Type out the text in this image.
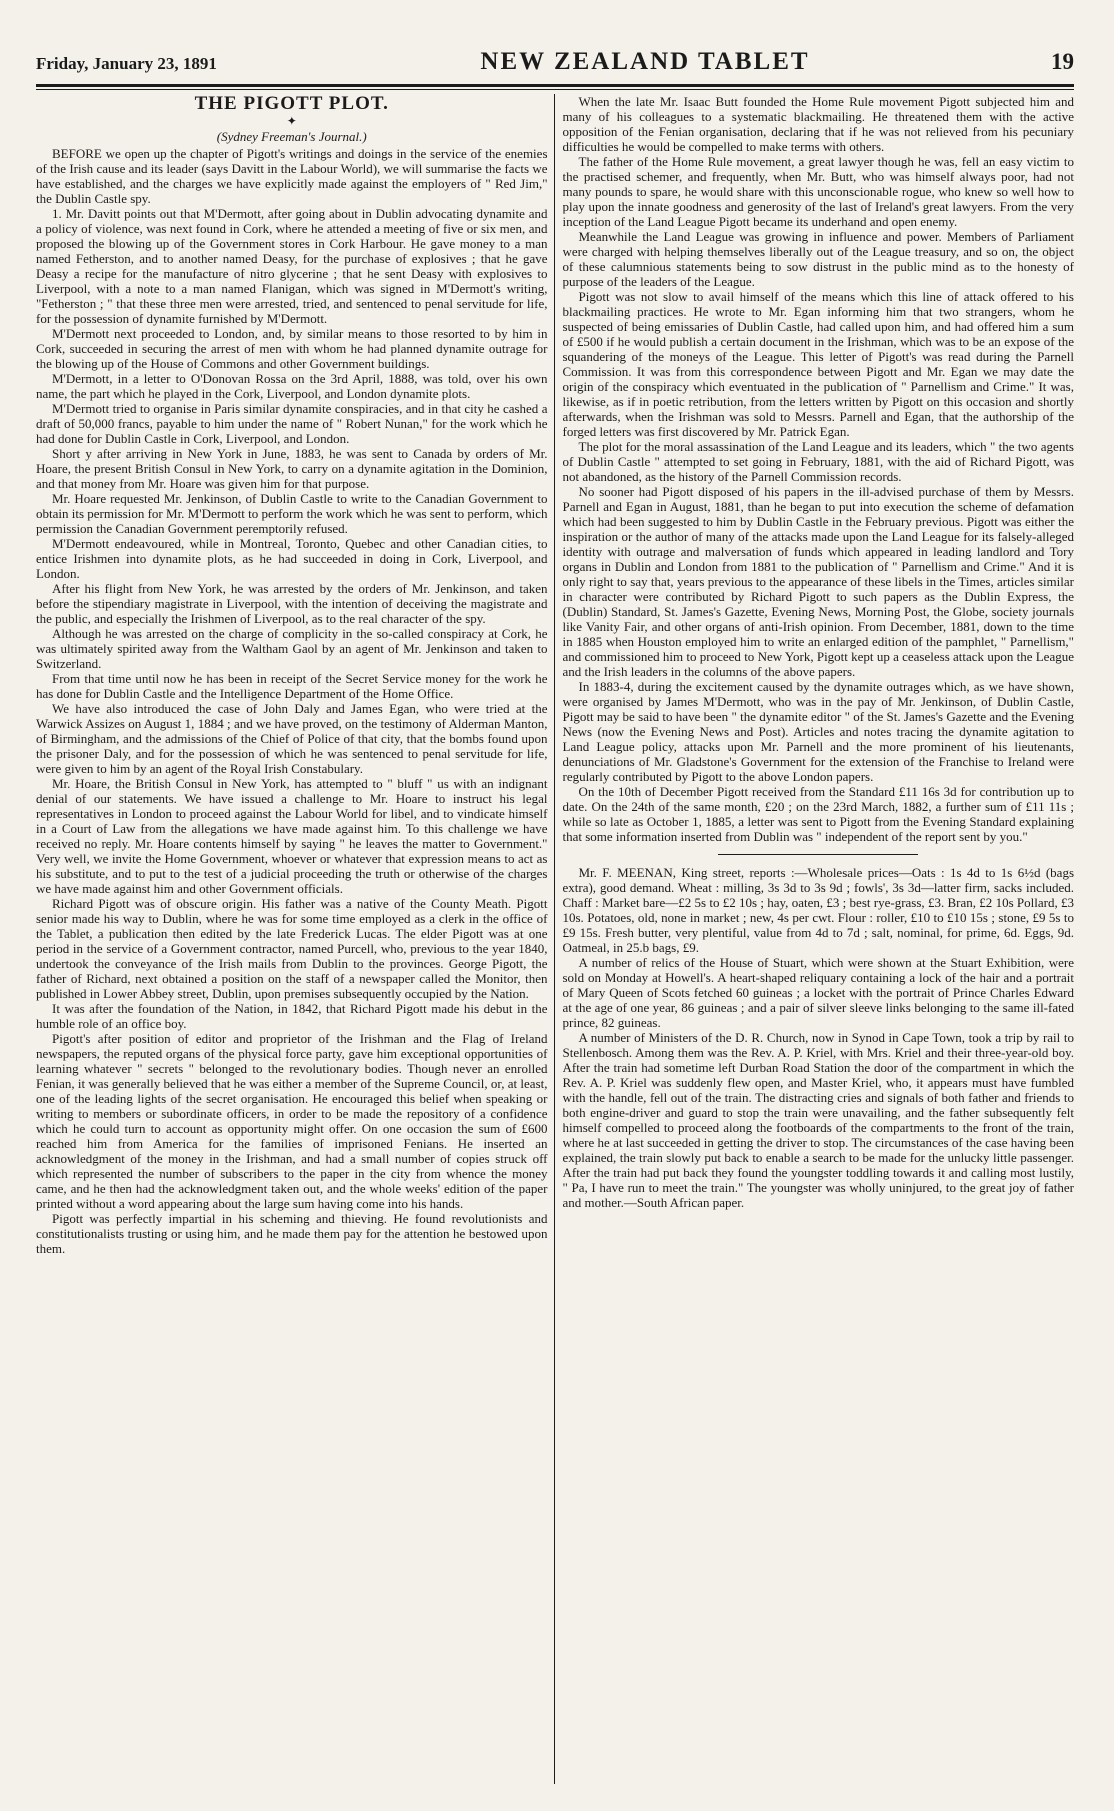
Friday, January 23, 1891	NEW ZEALAND TABLET	19
THE PIGOTT PLOT.
✦
(Sydney Freeman's Journal.)

BEFORE we open up the chapter of Pigott's writings and doings in the service of the enemies of the Irish cause and its leader (says Davitt in the Labour World), we will summarise the facts we have established, and the charges we have explicitly made against the employers of " Red Jim," the Dublin Castle spy.

1. Mr. Davitt points out that M'Dermott, after going about in Dublin advocating dynamite and a policy of violence, was next found in Cork, where he attended a meeting of five or six men, and proposed the blowing up of the Government stores in Cork Harbour. He gave money to a man named Fetherston, and to another named Deasy, for the purchase of explosives ; that he gave Deasy a recipe for the manufacture of nitro glycerine ; that he sent Deasy with explosives to Liverpool, with a note to a man named Flanigan, which was signed in M'Dermott's writing, "Fetherston ; " that these three men were arrested, tried, and sentenced to penal servitude for life, for the possession of dynamite furnished by M'Dermott.

M'Dermott next proceeded to London, and, by similar means to those resorted to by him in Cork, succeeded in securing the arrest of men with whom he had planned dynamite outrage for the blowing up of the House of Commons and other Government buildings.

M'Dermott, in a letter to O'Donovan Rossa on the 3rd April, 1888, was told, over his own name, the part which he played in the Cork, Liverpool, and London dynamite plots.

M'Dermott tried to organise in Paris similar dynamite conspiracies, and in that city he cashed a draft of 50,000 francs, payable to him under the name of " Robert Nunan," for the work which he had done for Dublin Castle in Cork, Liverpool, and London.

Short y after arriving in New York in June, 1883, he was sent to Canada by orders of Mr. Hoare, the present British Consul in New York, to carry on a dynamite agitation in the Dominion, and that money from Mr. Hoare was given him for that purpose.

Mr. Hoare requested Mr. Jenkinson, of Dublin Castle to write to the Canadian Government to obtain its permission for Mr. M'Dermott to perform the work which he was sent to perform, which permission the Canadian Government peremptorily refused.

M'Dermott endeavoured, while in Montreal, Toronto, Quebec and other Canadian cities, to entice Irishmen into dynamite plots, as he had succeeded in doing in Cork, Liverpool, and London.

After his flight from New York, he was arrested by the orders of Mr. Jenkinson, and taken before the stipendiary magistrate in Liverpool, with the intention of deceiving the magistrate and the public, and especially the Irishmen of Liverpool, as to the real character of the spy.

Although he was arrested on the charge of complicity in the so-called conspiracy at Cork, he was ultimately spirited away from the Waltham Gaol by an agent of Mr. Jenkinson and taken to Switzerland.

From that time until now he has been in receipt of the Secret Service money for the work he has done for Dublin Castle and the Intelligence Department of the Home Office.

We have also introduced the case of John Daly and James Egan, who were tried at the Warwick Assizes on August 1, 1884 ; and we have proved, on the testimony of Alderman Manton, of Birmingham, and the admissions of the Chief of Police of that city, that the bombs found upon the prisoner Daly, and for the possession of which he was sentenced to penal servitude for life, were given to him by an agent of the Royal Irish Constabulary.

Mr. Hoare, the British Consul in New York, has attempted to " bluff " us with an indignant denial of our statements. We have issued a challenge to Mr. Hoare to instruct his legal representatives in London to proceed against the Labour World for libel, and to vindicate himself in a Court of Law from the allegations we have made against him. To this challenge we have received no reply. Mr. Hoare contents himself by saying " he leaves the matter to Government." Very well, we invite the Home Government, whoever or whatever that expression means to act as his substitute, and to put to the test of a judicial proceeding the truth or otherwise of the charges we have made against him and other Government officials.

Richard Pigott was of obscure origin. His father was a native of the County Meath. Pigott senior made his way to Dublin, where he was for some time employed as a clerk in the office of the Tablet, a publication then edited by the late Frederick Lucas. The elder Pigott was at one period in the service of a Government contractor, named Purcell, who, previous to the year 1840, undertook the conveyance of the Irish mails from Dublin to the provinces. George Pigott, the father of Richard, next obtained a position on the staff of a newspaper called the Monitor, then published in Lower Abbey street, Dublin, upon premises subsequently occupied by the Nation.

It was after the foundation of the Nation, in 1842, that Richard Pigott made his debut in the humble role of an office boy.

Pigott's after position of editor and proprietor of the Irishman and the Flag of Ireland newspapers, the reputed organs of the physical force party, gave him exceptional opportunities of learning whatever " secrets " belonged to the revolutionary bodies. Though never an enrolled Fenian, it was generally believed that he was either a member of the Supreme Council, or, at least, one of the leading lights of the secret organisation. He encouraged this belief when speaking or writing to members or subordinate officers, in order to be made the repository of a confidence which he could turn to account as opportunity might offer. On one occasion the sum of £600 reached him from America for the families of imprisoned Fenians. He inserted an acknowledgment of the money in the Irishman, and had a small number of copies struck off which represented the number of subscribers to the paper in the city from whence the money came, and he then had the acknowledgment taken out, and the whole weeks' edition of the paper printed without a word appearing about the large sum having come into his hands.

Pigott was perfectly impartial in his scheming and thieving. He found revolutionists and constitutionalists trusting or using him, and he made them pay for the attention he bestowed upon them.

When the late Mr. Isaac Butt founded the Home Rule movement Pigott subjected him and many of his colleagues to a systematic blackmailing. He threatened them with the active opposition of the Fenian organisation, declaring that if he was not relieved from his pecuniary difficulties he would be compelled to make terms with others.

The father of the Home Rule movement, a great lawyer though he was, fell an easy victim to the practised schemer, and frequently, when Mr. Butt, who was himself always poor, had not many pounds to spare, he would share with this unconscionable rogue, who knew so well how to play upon the innate goodness and generosity of the last of Ireland's great lawyers. From the very inception of the Land League Pigott became its underhand and open enemy.

Meanwhile the Land League was growing in influence and power. Members of Parliament were charged with helping themselves liberally out of the League treasury, and so on, the object of these calumnious statements being to sow distrust in the public mind as to the honesty of purpose of the leaders of the League.

Pigott was not slow to avail himself of the means which this line of attack offered to his blackmailing practices. He wrote to Mr. Egan informing him that two strangers, whom he suspected of being emissaries of Dublin Castle, had called upon him, and had offered him a sum of £500 if he would publish a certain document in the Irishman, which was to be an expose of the squandering of the moneys of the League. This letter of Pigott's was read during the Parnell Commission. It was from this correspondence between Pigott and Mr. Egan we may date the origin of the conspiracy which eventuated in the publication of " Parnellism and Crime." It was, likewise, as if in poetic retribution, from the letters written by Pigott on this occasion and shortly afterwards, when the Irishman was sold to Messrs. Parnell and Egan, that the authorship of the forged letters was first discovered by Mr. Patrick Egan.

The plot for the moral assassination of the Land League and its leaders, which " the two agents of Dublin Castle " attempted to set going in February, 1881, with the aid of Richard Pigott, was not abandoned, as the history of the Parnell Commission records.

No sooner had Pigott disposed of his papers in the ill-advised purchase of them by Messrs. Parnell and Egan in August, 1881, than he began to put into execution the scheme of defamation which had been suggested to him by Dublin Castle in the February previous. Pigott was either the inspiration or the author of many of the attacks made upon the Land League for its falsely-alleged identity with outrage and malversation of funds which appeared in leading landlord and Tory organs in Dublin and London from 1881 to the publication of " Parnellism and Crime." And it is only right to say that, years previous to the appearance of these libels in the Times, articles similar in character were contributed by Richard Pigott to such papers as the Dublin Express, the (Dublin) Standard, St. James's Gazette, Evening News, Morning Post, the Globe, society journals like Vanity Fair, and other organs of anti-Irish opinion. From December, 1881, down to the time in 1885 when Houston employed him to write an enlarged edition of the pamphlet, " Parnellism," and commissioned him to proceed to New York, Pigott kept up a ceaseless attack upon the League and the Irish leaders in the columns of the above papers.

In 1883-4, during the excitement caused by the dynamite outrages which, as we have shown, were organised by James M'Dermott, who was in the pay of Mr. Jenkinson, of Dublin Castle, Pigott may be said to have been " the dynamite editor " of the St. James's Gazette and the Evening News (now the Evening News and Post). Articles and notes tracing the dynamite agitation to Land League policy, attacks upon Mr. Parnell and the more prominent of his lieutenants, denunciations of Mr. Gladstone's Government for the extension of the Franchise to Ireland were regularly contributed by Pigott to the above London papers.

On the 10th of December Pigott received from the Standard £11 16s 3d for contribution up to date. On the 24th of the same month, £20 ; on the 23rd March, 1882, a further sum of £11 11s ; while so late as October 1, 1885, a letter was sent to Pigott from the Evening Standard explaining that some information inserted from Dublin was " independent of the report sent by you."

Mr. F. MEENAN, King street, reports :—Wholesale prices—Oats : 1s 4d to 1s 6½d (bags extra), good demand. Wheat : milling, 3s 3d to 3s 9d ; fowls', 3s 3d—latter firm, sacks included. Chaff : Market bare—£2 5s to £2 10s ; hay, oaten, £3 ; best rye-grass, £3. Bran, £2 10s Pollard, £3 10s. Potatoes, old, none in market ; new, 4s per cwt. Flour : roller, £10 to £10 15s ; stone, £9 5s to £9 15s. Fresh butter, very plentiful, value from 4d to 7d ; salt, nominal, for prime, 6d. Eggs, 9d. Oatmeal, in 25.b bags, £9.

A number of relics of the House of Stuart, which were shown at the Stuart Exhibition, were sold on Monday at Howell's. A heart-shaped reliquary containing a lock of the hair and a portrait of Mary Queen of Scots fetched 60 guineas ; a locket with the portrait of Prince Charles Edward at the age of one year, 86 guineas ; and a pair of silver sleeve links belonging to the same ill-fated prince, 82 guineas.

A number of Ministers of the D. R. Church, now in Synod in Cape Town, took a trip by rail to Stellenbosch. Among them was the Rev. A. P. Kriel, with Mrs. Kriel and their three-year-old boy. After the train had sometime left Durban Road Station the door of the compartment in which the Rev. A. P. Kriel was suddenly flew open, and Master Kriel, who, it appears must have fumbled with the handle, fell out of the train. The distracting cries and signals of both father and friends to both engine-driver and guard to stop the train were unavailing, and the father subsequently felt himself compelled to proceed along the footboards of the compartments to the front of the train, where he at last succeeded in getting the driver to stop. The circumstances of the case having been explained, the train slowly put back to enable a search to be made for the unlucky little passenger. After the train had put back they found the youngster toddling towards it and calling most lustily, " Pa, I have run to meet the train." The youngster was wholly uninjured, to the great joy of father and mother.—South African paper.
